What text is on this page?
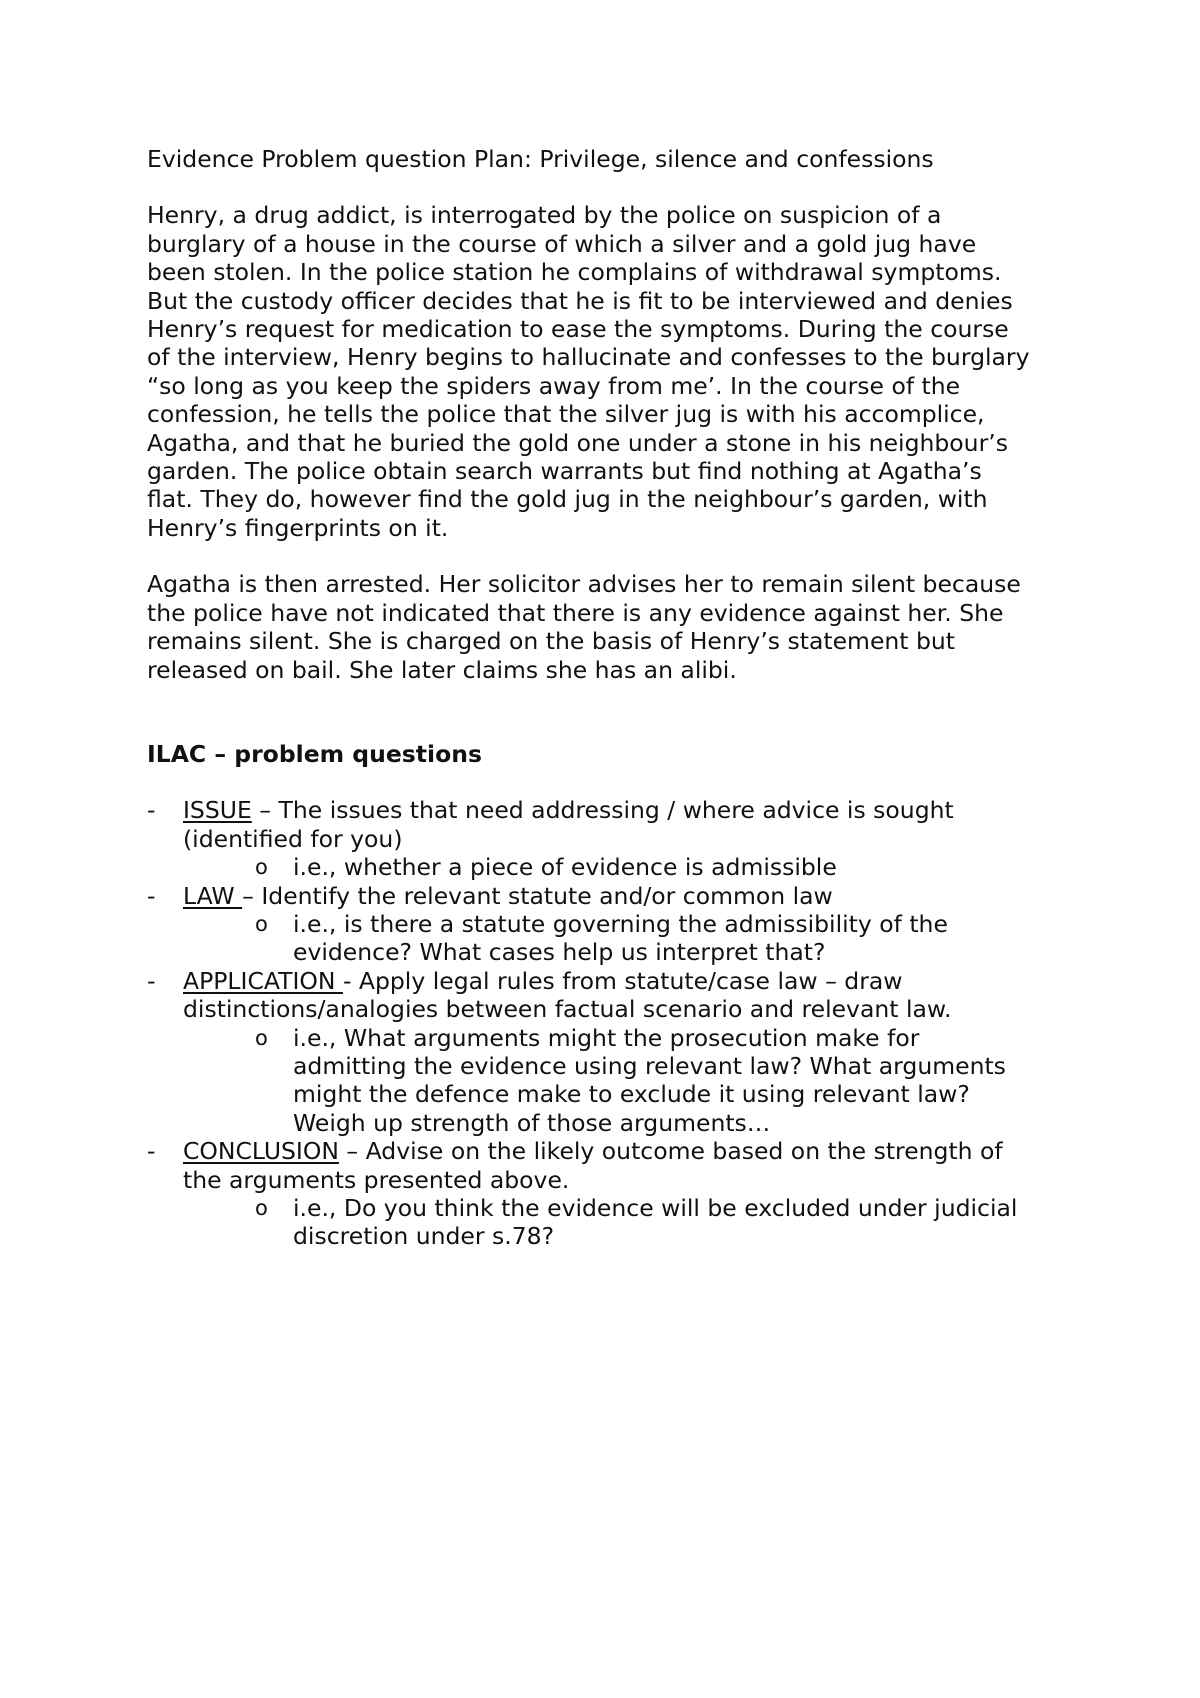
Evidence Problem question Plan: Privilege, silence and confessions

Henry, a drug addict, is interrogated by the police on suspicion of a
burglary of a house in the course of which a silver and a gold jug have
been stolen. In the police station he complains of withdrawal symptoms.
But the custody officer decides that he is fit to be interviewed and denies
Henry’s request for medication to ease the symptoms. During the course
of the interview, Henry begins to hallucinate and confesses to the burglary
“so long as you keep the spiders away from me’. In the course of the
confession, he tells the police that the silver jug is with his accomplice,
Agatha, and that he buried the gold one under a stone in his neighbour’s
garden. The police obtain search warrants but find nothing at Agatha’s
flat. They do, however find the gold jug in the neighbour’s garden, with
Henry’s fingerprints on it.

Agatha is then arrested. Her solicitor advises her to remain silent because
the police have not indicated that there is any evidence against her. She
remains silent. She is charged on the basis of Henry’s statement but
released on bail. She later claims she has an alibi.

ILAC – problem questions

-	ISSUE – The issues that need addressing / where advice is sought
(identified for you)
o	i.e., whether a piece of evidence is admissible
-	LAW – Identify the relevant statute and/or common law
o	i.e., is there a statute governing the admissibility of the
evidence? What cases help us interpret that?
-	APPLICATION - Apply legal rules from statute/case law – draw
distinctions/analogies between factual scenario and relevant law.
o	i.e., What arguments might the prosecution make for
admitting the evidence using relevant law? What arguments
might the defence make to exclude it using relevant law?
Weigh up strength of those arguments…
-	CONCLUSION – Advise on the likely outcome based on the strength of
the arguments presented above.
o	i.e., Do you think the evidence will be excluded under judicial
discretion under s.78?
